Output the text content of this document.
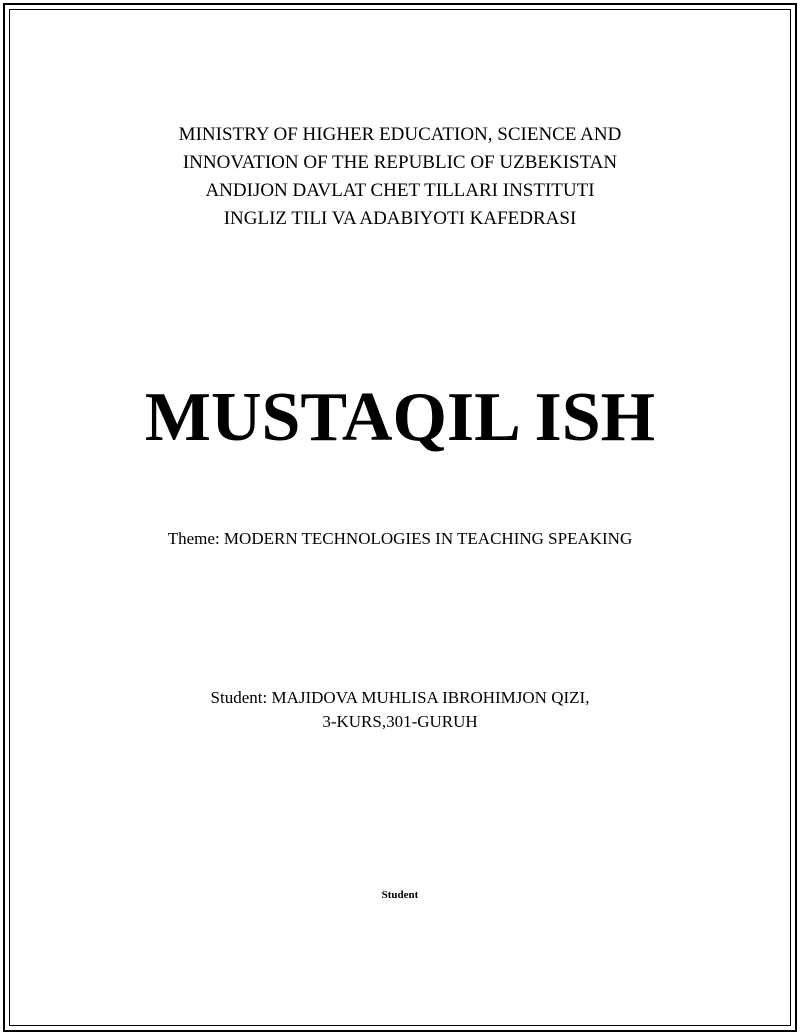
MINISTRY OF HIGHER EDUCATION, SCIENCE AND
INNOVATION OF THE REPUBLIC OF UZBEKISTAN
ANDIJON DAVLAT CHET TILLARI INSTITUTI
INGLIZ TILI VA ADABIYOTI KAFEDRASI
MUSTAQIL ISH
Theme: MODERN TECHNOLOGIES IN TEACHING SPEAKING
Student: MAJIDOVA MUHLISA IBROHIMJON QIZI,
3-KURS,301-GURUH
Student
